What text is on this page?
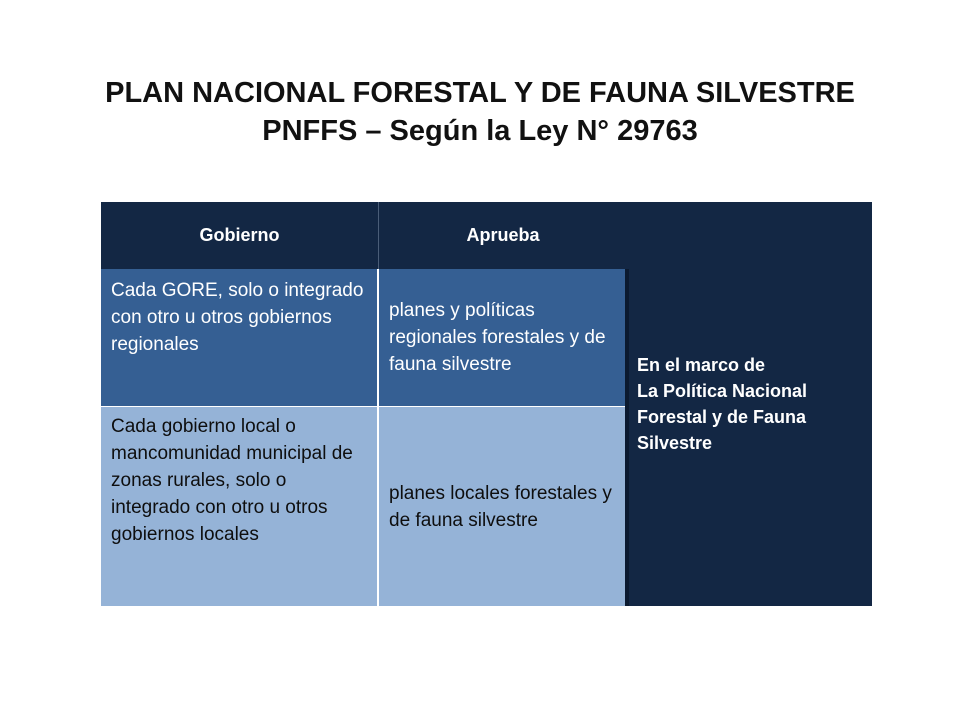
PLAN NACIONAL FORESTAL Y DE FAUNA SILVESTRE
PNFFS – Según la Ley N° 29763
Gobierno	Aprueba
En el marco de
La Política Nacional
Forestal y de Fauna
Silvestre
Cada GORE, solo o integrado con otro u otros gobiernos regionales
planes y políticas regionales forestales y de fauna silvestre
Cada gobierno local o mancomunidad municipal de zonas rurales, solo o integrado con otro u otros gobiernos locales
planes locales forestales y de fauna silvestre
